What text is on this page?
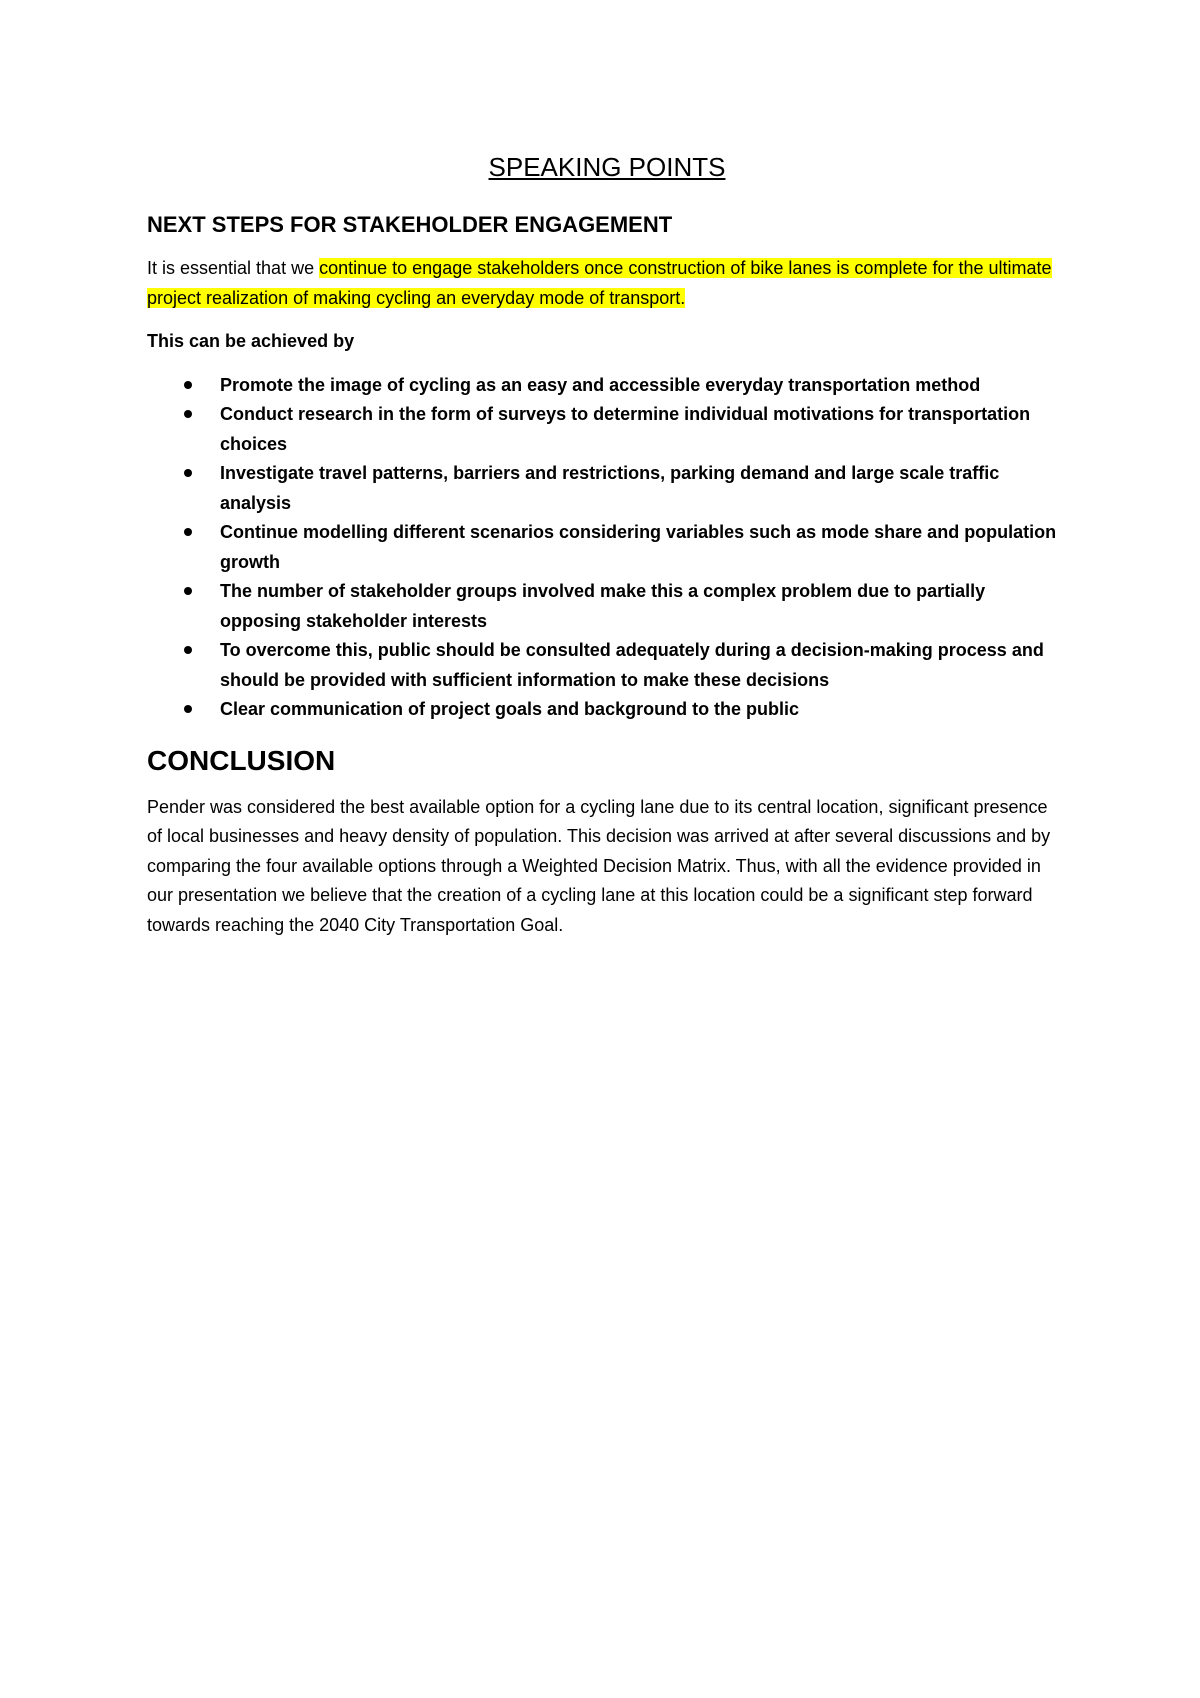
SPEAKING POINTS
NEXT STEPS FOR STAKEHOLDER ENGAGEMENT

It is essential that we continue to engage stakeholders once construction of bike lanes is complete for the ultimate project realization of making cycling an everyday mode of transport.

This can be achieved by

Promote the image of cycling as an easy and accessible everyday transportation method
Conduct research in the form of surveys to determine individual motivations for transportation choices
Investigate travel patterns, barriers and restrictions, parking demand and large scale traffic analysis
Continue modelling different scenarios considering variables such as mode share and population growth
The number of stakeholder groups involved make this a complex problem due to partially opposing stakeholder interests
To overcome this, public should be consulted adequately during a decision-making process and should be provided with sufficient information to make these decisions
Clear communication of project goals and background to the public
CONCLUSION

Pender was considered the best available option for a cycling lane due to its central location, significant presence of local businesses and heavy density of population. This decision was arrived at after several discussions and by comparing the four available options through a Weighted Decision Matrix. Thus, with all the evidence provided in our presentation we believe that the creation of a cycling lane at this location could be a significant step forward towards reaching the 2040 City Transportation Goal.
